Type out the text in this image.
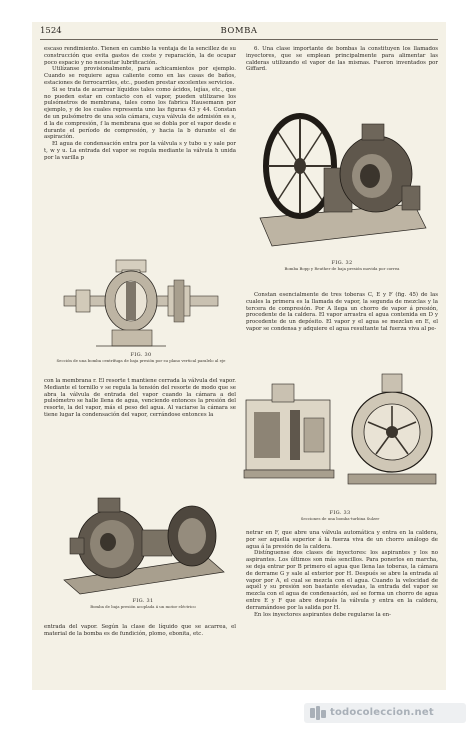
1524	BOMBA

escaso rendimiento. Tienen en cambio la ventaja de la sencillez de su construcción que evita gastos de coste y reparación, la de ocupar poco espacio y no necesitar lubrificación.

Utilízanse provisionalmente, para achicamientos por ejemplo. Cuando se requiere agua caliente como en las casas de baños, estaciones de ferrocarriles, etc., pueden prestar excelentes servicios.

Si se trata de acarrear líquidos tales como ácidos, lejías, etc., que no pueden estar en contacto con el vapor, pueden utilizarse los pulsómetros de membrana, tales como los fabrica Hausemann por ejemplo, y de los cuales representa uno las figuras 43 y 44. Constan de un pulsómetro de una sola cámara, cuya válvula de admisión es s, d la de compresión, f la membrana que se dobla por el vapor desde e durante el período de compresión, y hacia la b durante el de aspiración.

El agua de condensación entra por la válvula s y tubo u y sale por t, w y u. La entrada del vapor se regula mediante la válvula h unida por la varilla p

FIG. 30

Sección de una bomba centrífuga de baja presión por su plano vertical paralelo al eje

con la membrana r. El resorte t mantiene cerrada la válvula del vapor. Mediante el tornillo v se regula la tensión del resorte de modo que se abra la válvula de entrada del vapor cuando la cámara a del pulsómetro se halle llena de agua, venciendo entonces la presión del resorte, la del vapor, más el peso del agua. Al vaciarse la cámara se tiene lugar la condensación del vapor, cerrándose entonces la

FIG. 31

Bomba de baja presión acoplada á un motor eléctrico

entrada del vapor. Según la clase de líquido que se acarrea, el material de la bomba es de fundición, plomo, ebonita, etc.

6. Una clase importante de bombas la constituyen los llamados inyectores, que se emplean principalmente para alimentar las calderas utilizando el vapor de las mismas. Fueron inventados por Giffard.

FIG. 32

Bomba Bopp y Reuther de baja presión movida por correa

Constan esencialmente de tres toberas C, E y F (fig. 45) de las cuales la primera es la llamada de vapor, la segunda de mezclas y la tercera de compresión. Por A llega un chorro de vapor á presión, procedente de la caldera. El vapor arrastra el agua contenida en D y procedente de un depósito. El vapor y el agua se mezclan en E, el vapor se condensa y adquiere el agua resultante tal fuerza viva al pe-

FIG. 33

Secciones de una bomba-turbina Sulzer

netrar en F, que abre una válvula automática y entra en la caldera, por ser aquella superior á la fuerza viva de un chorro análogo de agua á la presión de la caldera.

Distínguense dos clases de inyectores: los aspirantes y los no aspirantes. Los últimos son más sencillos. Para ponerlos en marcha, se deja entrar por B primero el agua que llena las toberas, la cámara de derrame G y sale al exterior por H. Después se abre la entrada al vapor por A, el cual se mezcla con el agua. Cuando la velocidad de aquél y su presión son bastante elevadas, la entrada del vapor se mezcla con el agua de condensación, así se forma un chorro de agua entre E y F que abre después la válvula y entra en la caldera, derramándose por la salida por H.

En los inyectores aspirantes debe regularse la en-

todocoleccion.net
